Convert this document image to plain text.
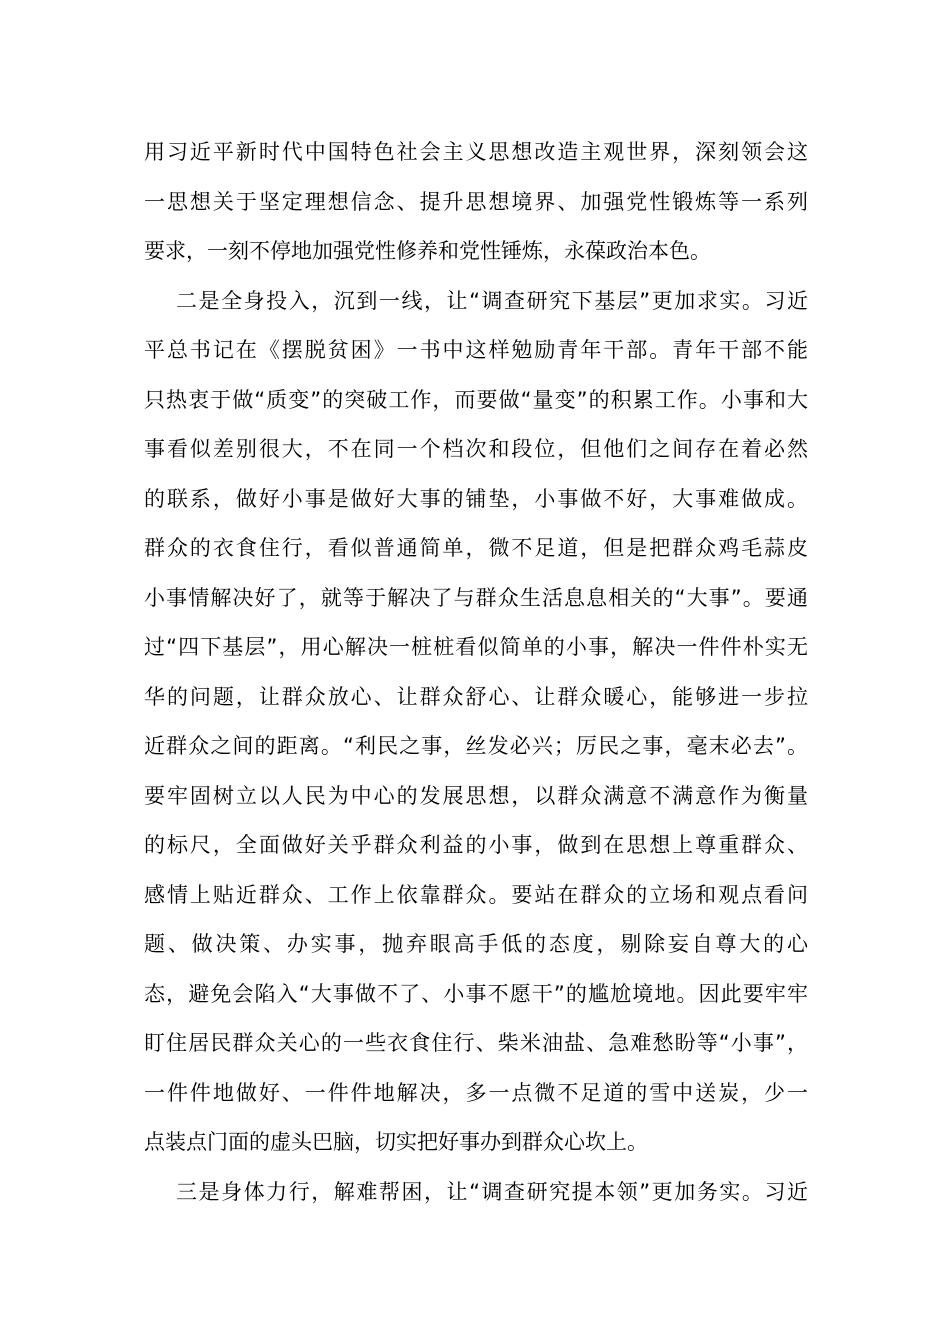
用习近平新时代中国特色社会主义思想改造主观世界，深刻领会这
一思想关于坚定理想信念、提升思想境界、加强党性锻炼等一系列
要求，一刻不停地加强党性修养和党性锤炼，永葆政治本色。
二是全身投入，沉到一线，让“调查研究下基层”更加求实。习近
平总书记在《摆脱贫困》一书中这样勉励青年干部。青年干部不能
只热衷于做“质变”的突破工作，而要做“量变”的积累工作。小事和大
事看似差别很大，不在同一个档次和段位，但他们之间存在着必然
的联系，做好小事是做好大事的铺垫，小事做不好，大事难做成。
群众的衣食住行，看似普通简单，微不足道，但是把群众鸡毛蒜皮
小事情解决好了，就等于解决了与群众生活息息相关的“大事”。要通
过“四下基层”，用心解决一桩桩看似简单的小事，解决一件件朴实无
华的问题，让群众放心、让群众舒心、让群众暖心，能够进一步拉
近群众之间的距离。“利民之事，丝发必兴；厉民之事，毫末必去”。
要牢固树立以人民为中心的发展思想，以群众满意不满意作为衡量
的标尺，全面做好关乎群众利益的小事，做到在思想上尊重群众、
感情上贴近群众、工作上依靠群众。要站在群众的立场和观点看问
题、做决策、办实事，抛弃眼高手低的态度，剔除妄自尊大的心
态，避免会陷入“大事做不了、小事不愿干”的尴尬境地。因此要牢牢
盯住居民群众关心的一些衣食住行、柴米油盐、急难愁盼等“小事”，
一件件地做好、一件件地解决，多一点微不足道的雪中送炭，少一
点装点门面的虚头巴脑，切实把好事办到群众心坎上。
三是身体力行，解难帮困，让“调查研究提本领”更加务实。习近
